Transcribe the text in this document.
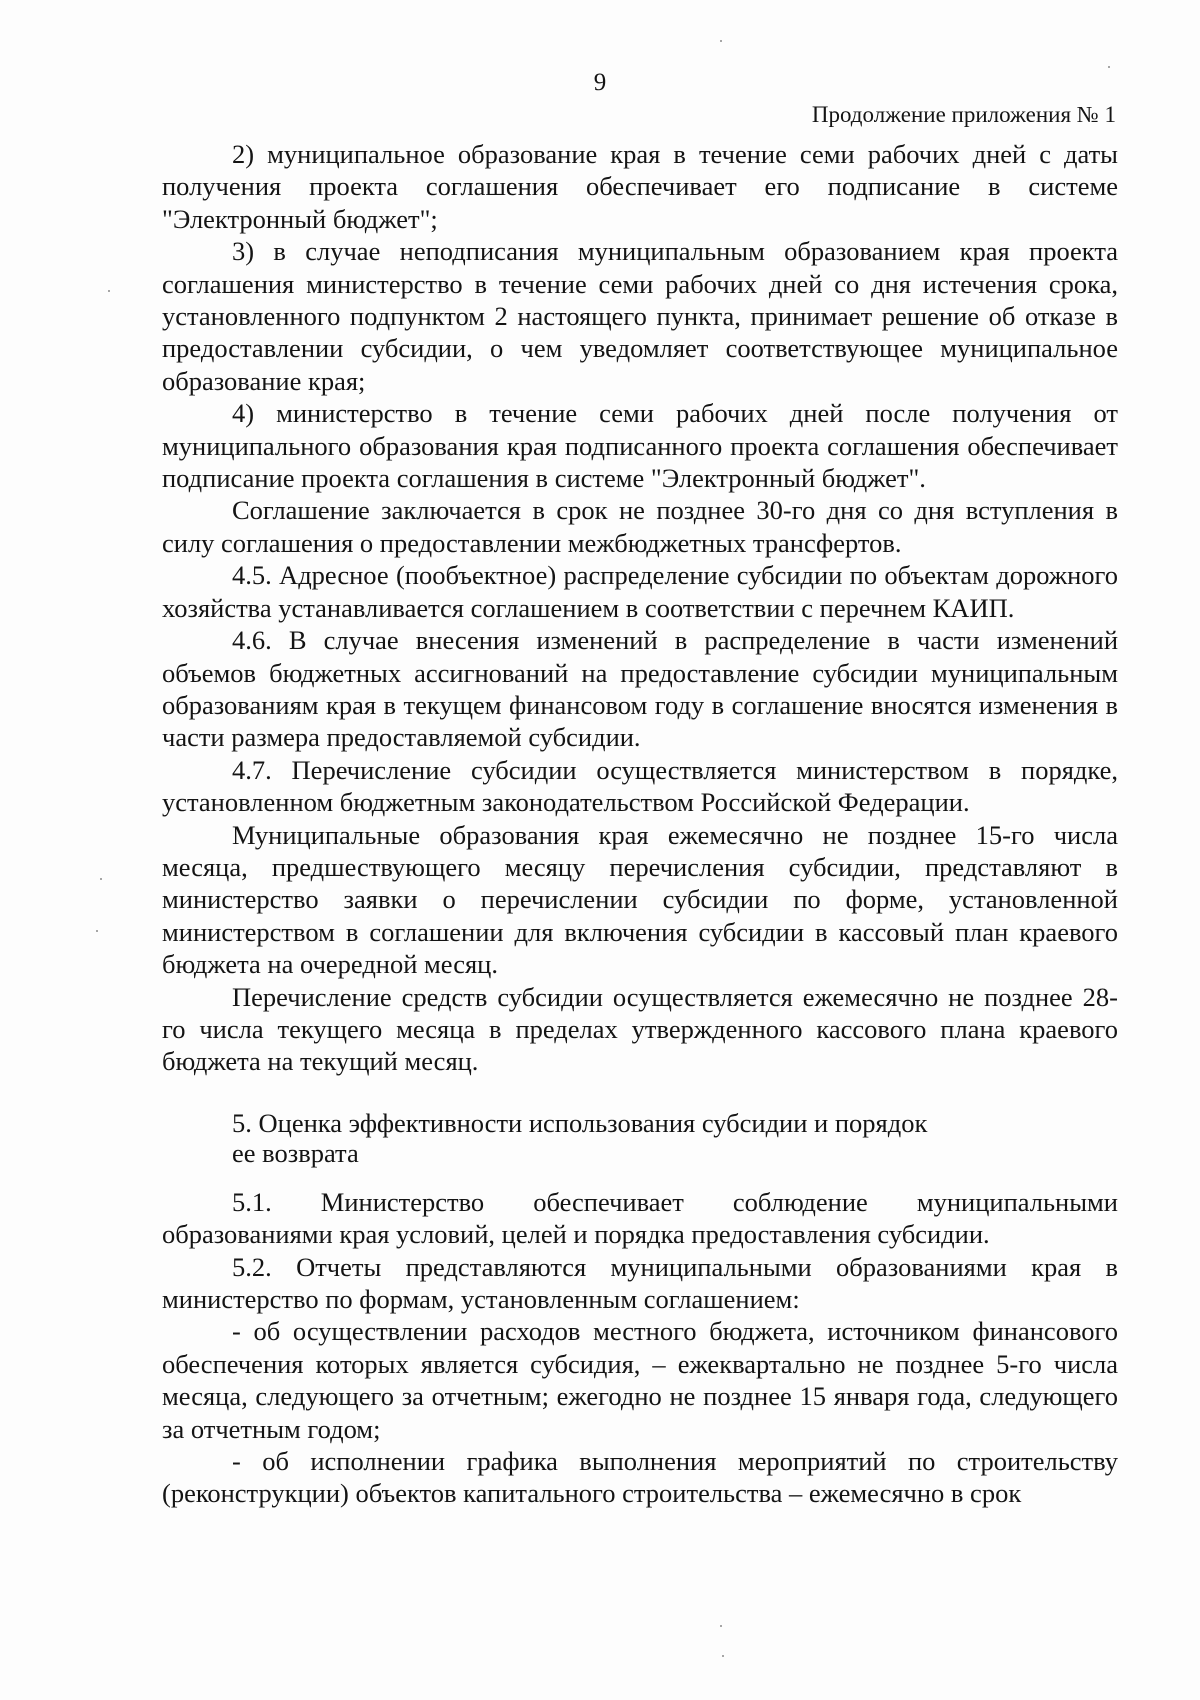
9
Продолжение приложения № 1

2) муниципальное образование края в течение семи рабочих дней с даты получения проекта соглашения обеспечивает его подписание в системе "Электронный бюджет";

3) в случае неподписания муниципальным образованием края проекта соглашения министерство в течение семи рабочих дней со дня истечения срока, установленного подпунктом 2 настоящего пункта, принимает решение об отказе в предоставлении субсидии, о чем уведомляет соответствующее муниципальное образование края;

4) министерство в течение семи рабочих дней после получения от муниципального образования края подписанного проекта соглашения обеспечивает подписание проекта соглашения в системе "Электронный бюджет".

Соглашение заключается в срок не позднее 30-го дня со дня вступления в силу соглашения о предоставлении межбюджетных трансфертов.

4.5. Адресное (пообъектное) распределение субсидии по объектам дорожного хозяйства устанавливается соглашением в соответствии с перечнем КАИП.

4.6. В случае внесения изменений в распределение в части изменений объемов бюджетных ассигнований на предоставление субсидии муниципальным образованиям края в текущем финансовом году в соглашение вносятся изменения в части размера предоставляемой субсидии.

4.7. Перечисление субсидии осуществляется министерством в порядке, установленном бюджетным законодательством Российской Федерации.

Муниципальные образования края ежемесячно не позднее 15-го числа месяца, предшествующего месяцу перечисления субсидии, представляют в министерство заявки о перечислении субсидии по форме, установленной министерством в соглашении для включения субсидии в кассовый план краевого бюджета на очередной месяц.

Перечисление средств субсидии осуществляется ежемесячно не позднее 28-го числа текущего месяца в пределах утвержденного кассового плана краевого бюджета на текущий месяц.

5. Оценка эффективности использования субсидии и порядок ее возврата

5.1. Министерство обеспечивает соблюдение муниципальными образованиями края условий, целей и порядка предоставления субсидии.

5.2. Отчеты представляются муниципальными образованиями края в министерство по формам, установленным соглашением:

- об осуществлении расходов местного бюджета, источником финансового обеспечения которых является субсидия, – ежеквартально не позднее 5-го числа месяца, следующего за отчетным; ежегодно не позднее 15 января года, следующего за отчетным годом;

- об исполнении графика выполнения мероприятий по строительству (реконструкции) объектов капитального строительства – ежемесячно в срок
